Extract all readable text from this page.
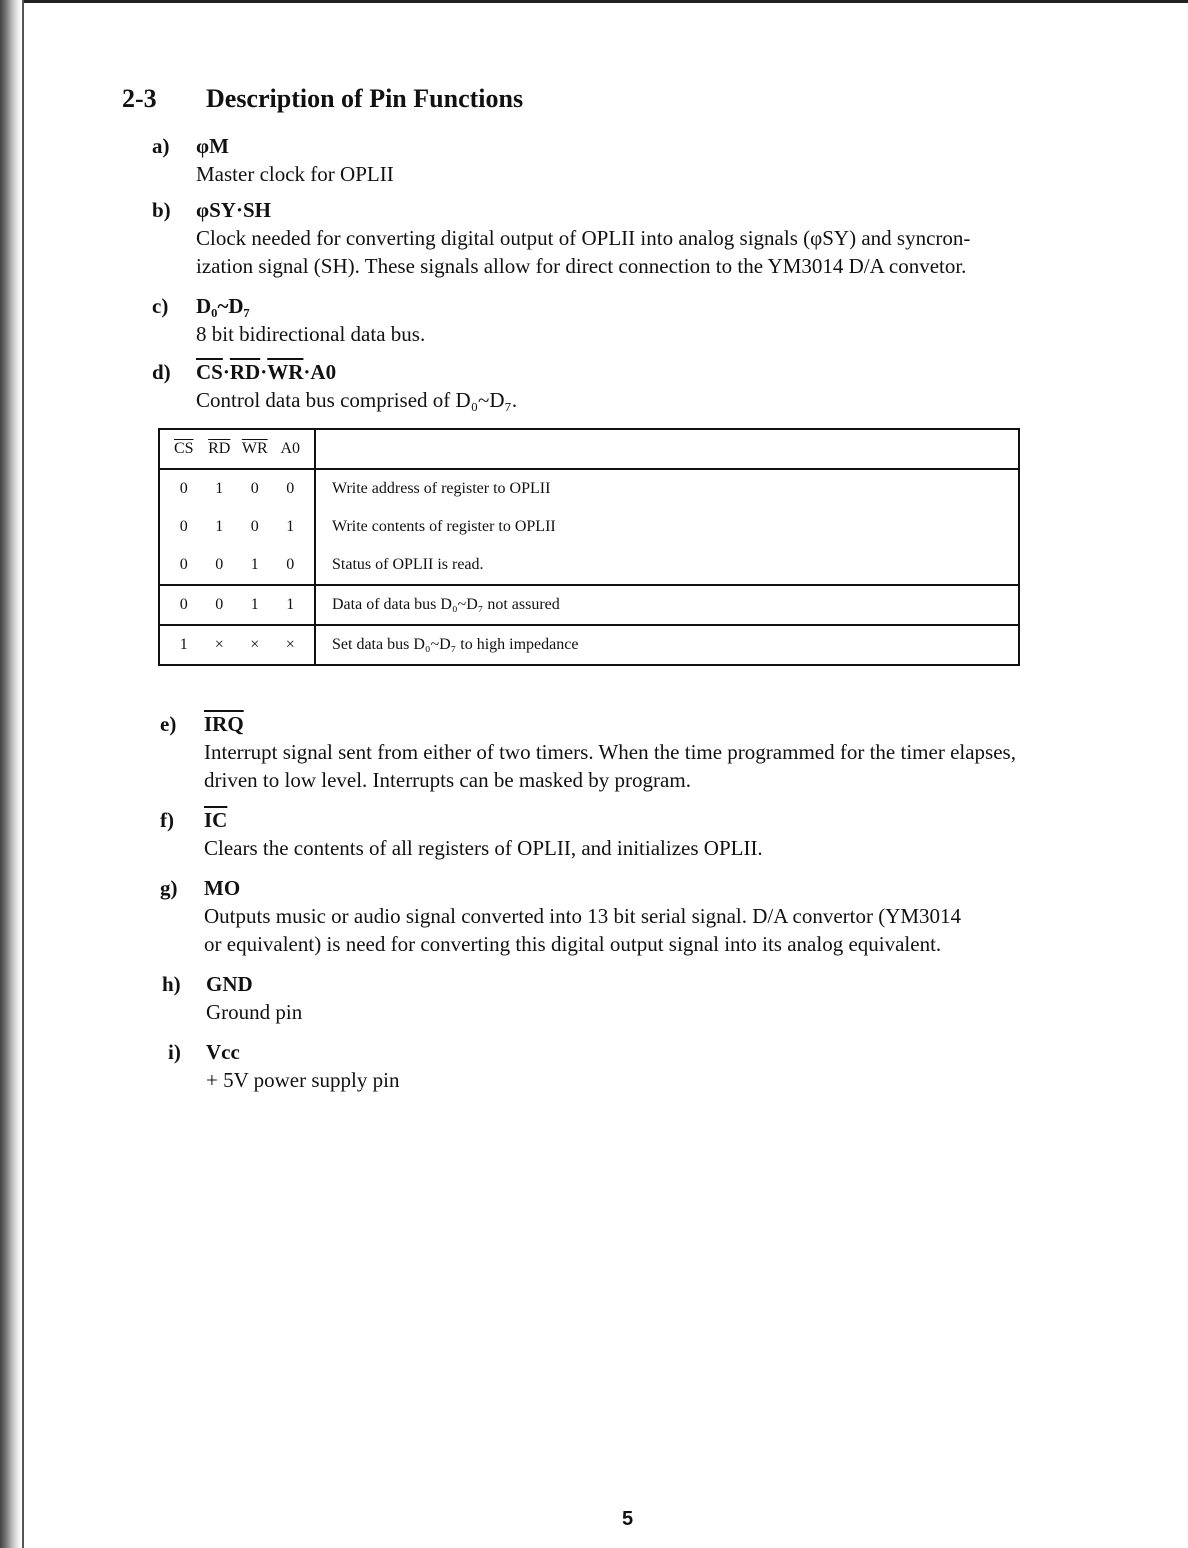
2-3 Description of Pin Functions
a)	φM
Master clock for OPLII
b)	φSY·SH
Clock needed for converting digital output of OPLII into analog signals (φSY) and syncron-
ization signal (SH). These signals allow for direct connection to the YM3014 D/A convetor.
c)	D₀~D₇
8 bit bidirectional data bus.
d)	$\overline{CS}\cdot\overline{RD}\cdot\overline{WR}\cdot A0$
Control data bus comprised of D₀~D₇.
$\overline{CS}$ $\overline{RD}$ $\overline{WR}$ A0	

0 1 0 0	Write address of register to OPLII

0 1 0 1	Write contents of register to OPLII

0 0 1 0	Status of OPLII is read.

0 0 1 1	Data of data bus D₀~D₇ not assured

1 × × ×	Set data bus D₀~D₇ to high impedance
e)	$\overline{IRQ}$
Interrupt signal sent from either of two timers. When the time programmed for the timer elapses,
driven to low level. Interrupts can be masked by program.
f)	$\overline{IC}$
Clears the contents of all registers of OPLII, and initializes OPLII.
g)	MO
Outputs music or audio signal converted into 13 bit serial signal. D/A convertor (YM3014
or equivalent) is need for converting this digital output signal into its analog equivalent.
h)	GND
Ground pin
i)	Vcc
+ 5V power supply pin
5
